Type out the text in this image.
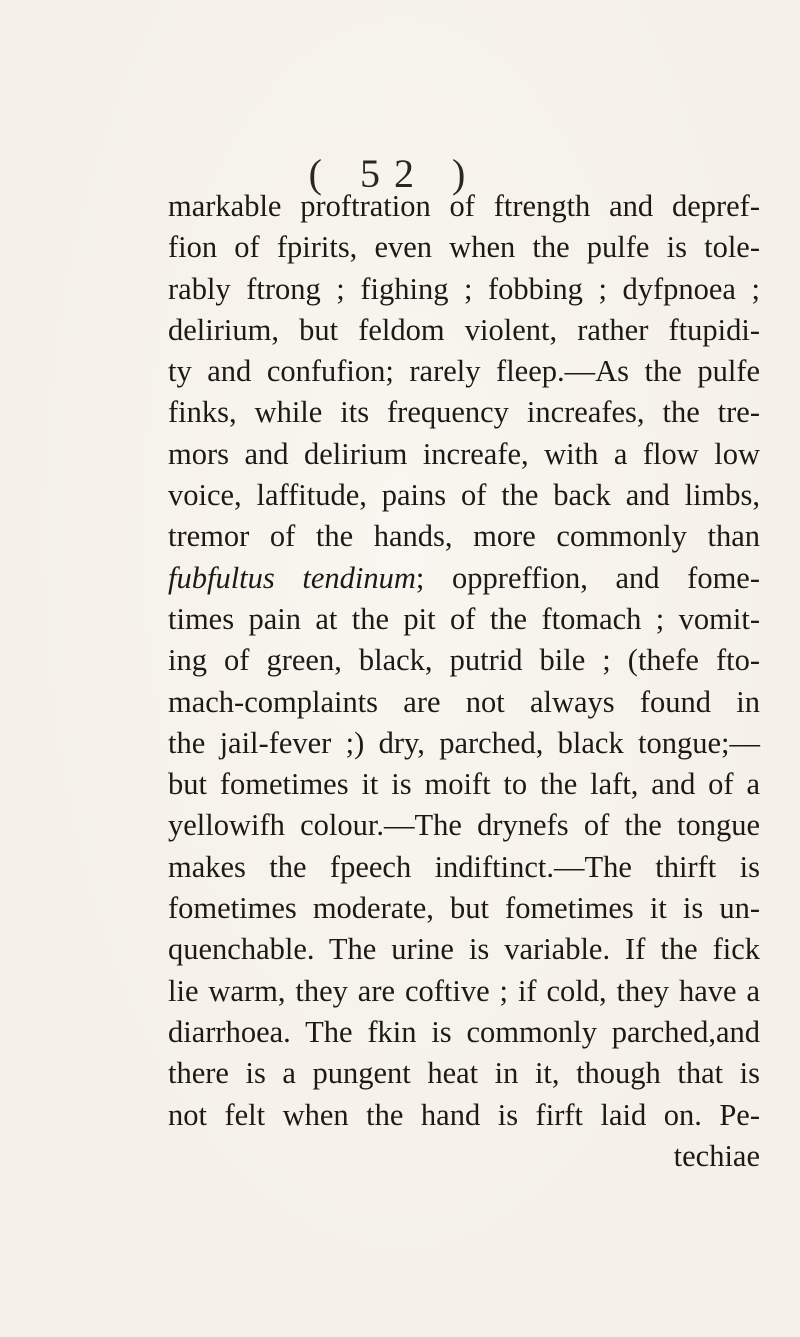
( 52 )
markable proftration of ftrength and depref-
fion of fpirits, even when the pulfe is tole-
rably ftrong ; fighing ; fobbing ; dyfpnoea ;
delirium, but feldom violent, rather ftupidi-
ty and confufion; rarely fleep.—As the pulfe
finks, while its frequency increafes, the tre-
mors and delirium increafe, with a flow low
voice, laffitude, pains of the back and limbs,
tremor of the hands, more commonly than
fubfultus tendinum; oppreffion, and fome-
times pain at the pit of the ftomach ; vomit-
ing of green, black, putrid bile ; (thefe fto-
mach-complaints are not always found in
the jail-fever ;) dry, parched, black tongue;—
but fometimes it is moift to the laft, and of a
yellowifh colour.—The drynefs of the tongue
makes the fpeech indiftinct.—The thirft is
fometimes moderate, but fometimes it is un-
quenchable. The urine is variable. If the fick
lie warm, they are coftive ; if cold, they have a
diarrhoea. The fkin is commonly parched,and
there is a pungent heat in it, though that is
not felt when the hand is firft laid on. Pe-
techiae
